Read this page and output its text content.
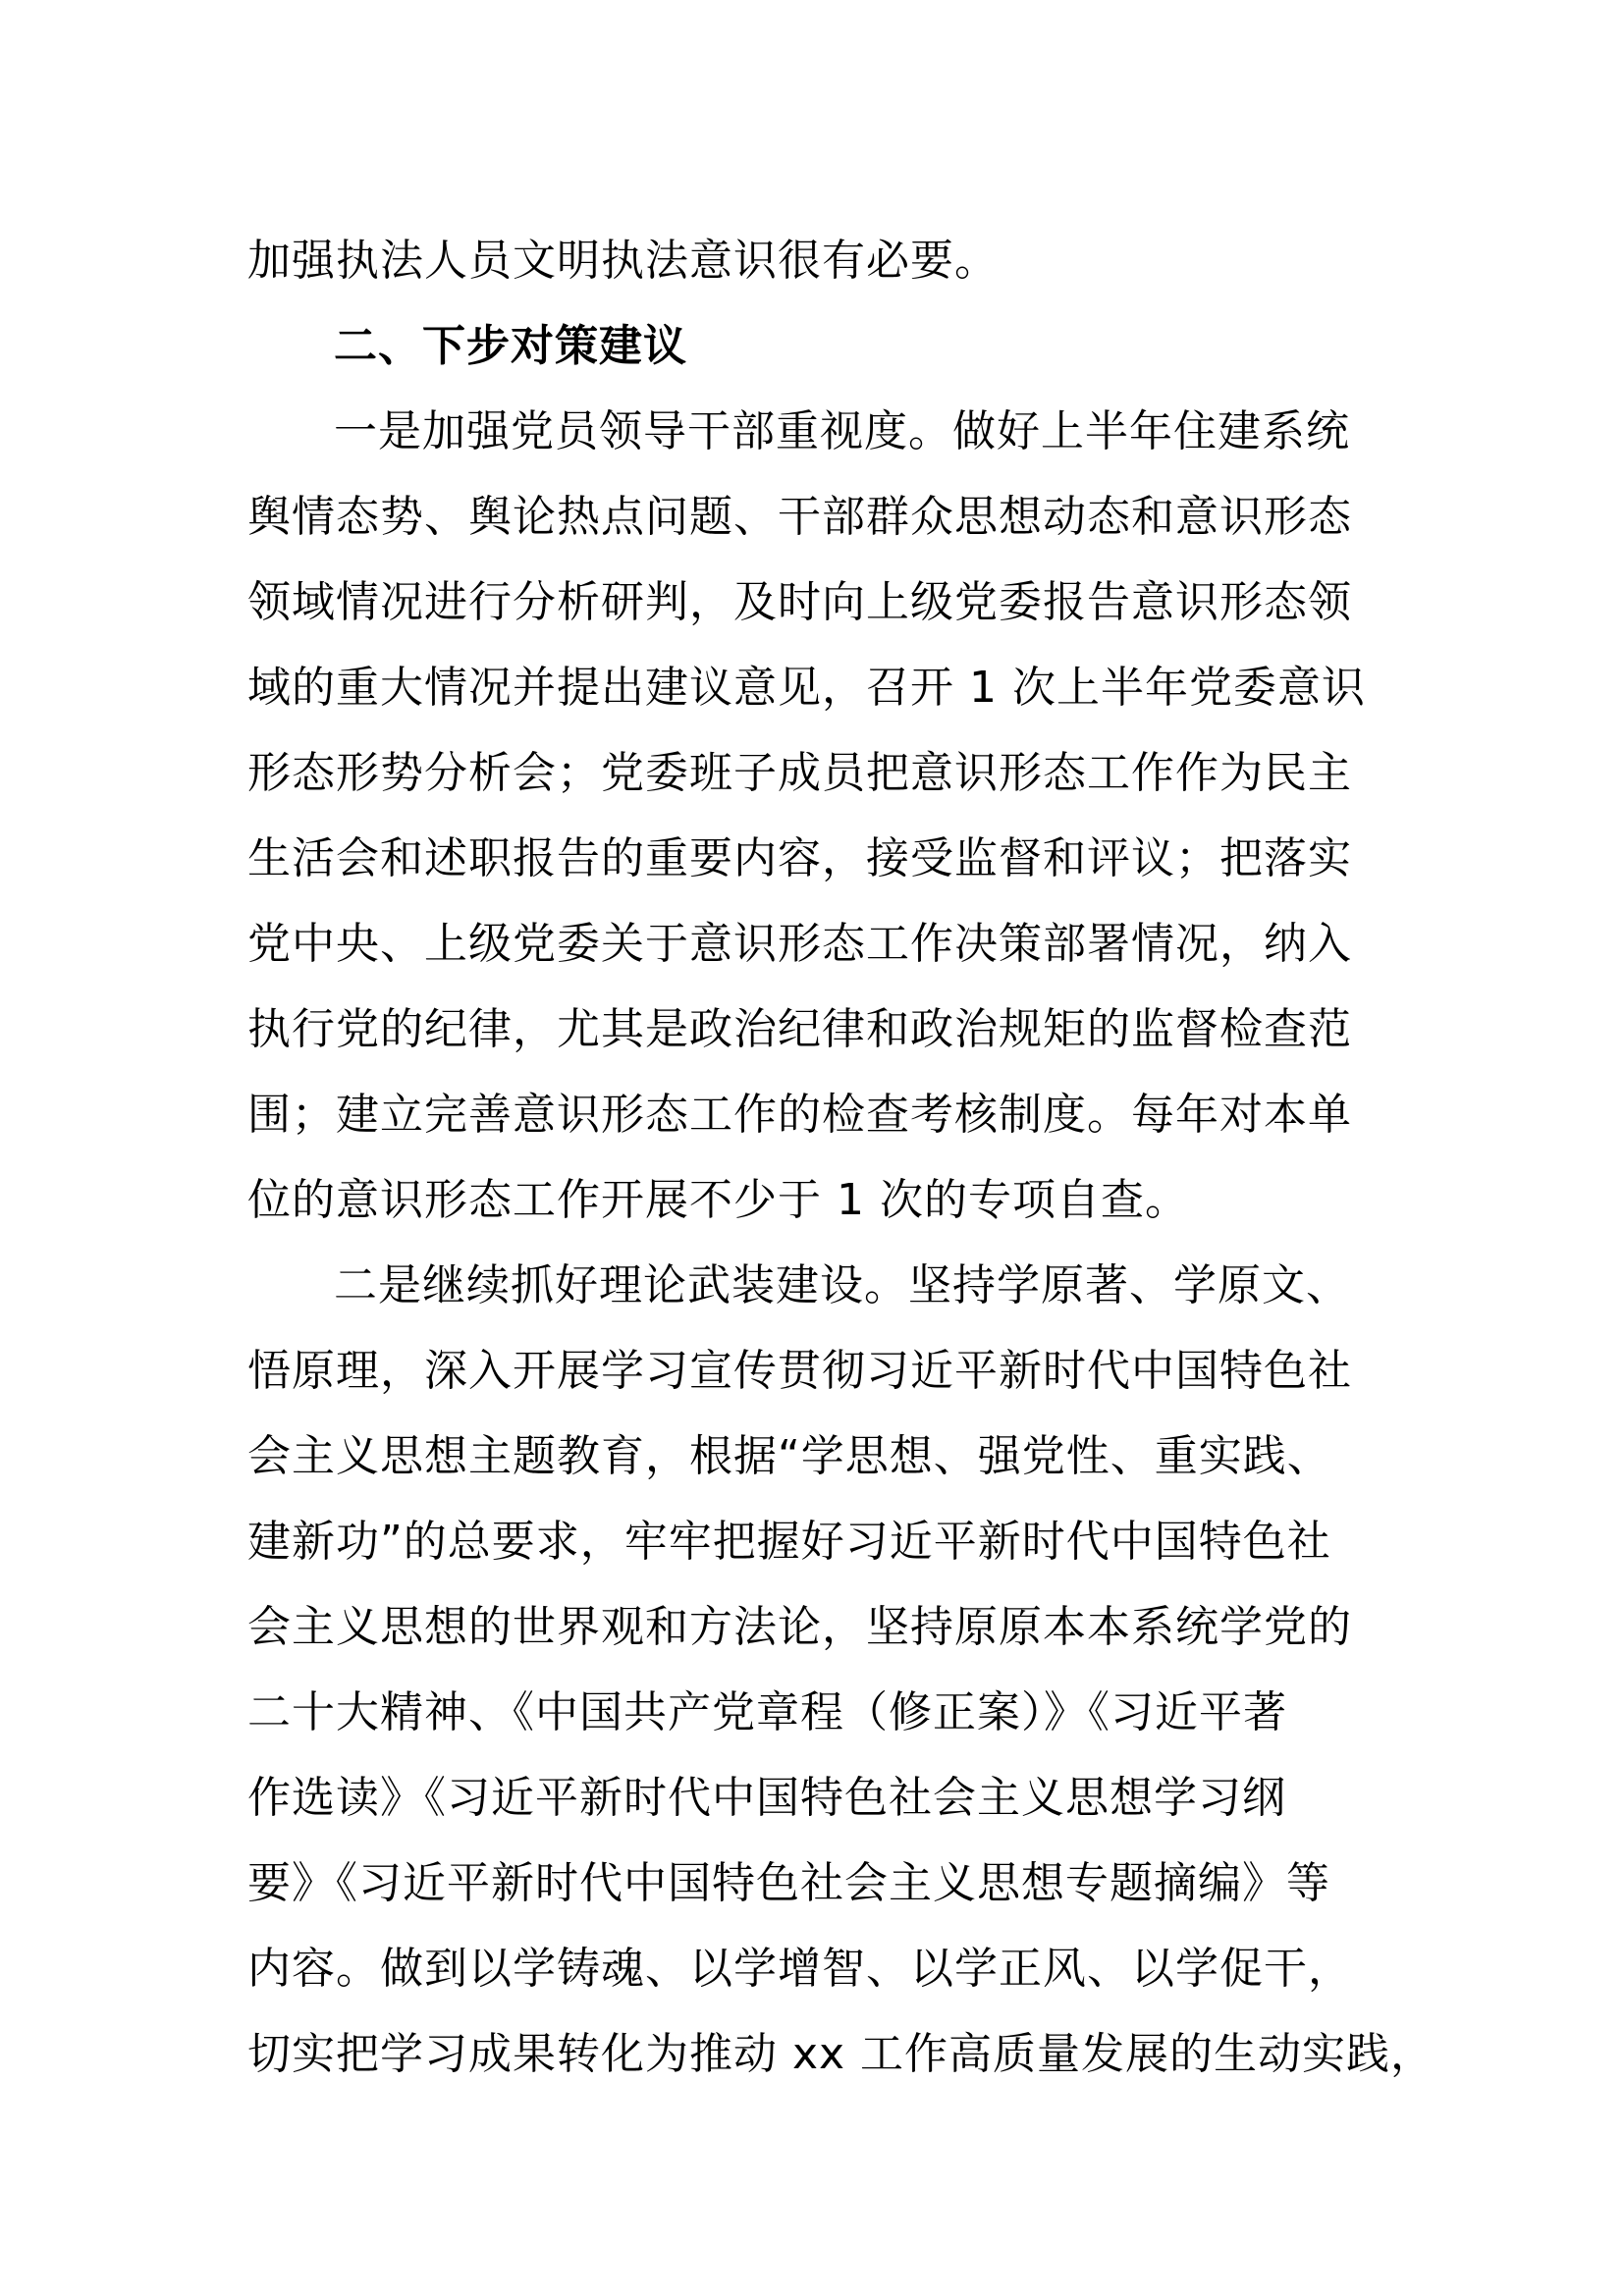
加强执法人员文明执法意识很有必要。
二、下步对策建议
一是加强党员领导干部重视度。做好上半年住建系统
舆情态势、舆论热点问题、干部群众思想动态和意识形态
领域情况进行分析研判，及时向上级党委报告意识形态领
域的重大情况并提出建议意见，召开 1 次上半年党委意识
形态形势分析会；党委班子成员把意识形态工作作为民主
生活会和述职报告的重要内容，接受监督和评议；把落实
党中央、上级党委关于意识形态工作决策部署情况，纳入
执行党的纪律，尤其是政治纪律和政治规矩的监督检查范
围；建立完善意识形态工作的检查考核制度。每年对本单
位的意识形态工作开展不少于 1 次的专项自查。
二是继续抓好理论武装建设。坚持学原著、学原文、
悟原理，深入开展学习宣传贯彻习近平新时代中国特色社
会主义思想主题教育，根据“学思想、强党性、重实践、
建新功”的总要求，牢牢把握好习近平新时代中国特色社
会主义思想的世界观和方法论，坚持原原本本系统学党的
二十大精神、《中国共产党章程（修正案）》《习近平著
作选读》《习近平新时代中国特色社会主义思想学习纲
要》《习近平新时代中国特色社会主义思想专题摘编》等
内容。做到以学铸魂、以学增智、以学正风、以学促干，
切实把学习成果转化为推动 xx 工作高质量发展的生动实践，
